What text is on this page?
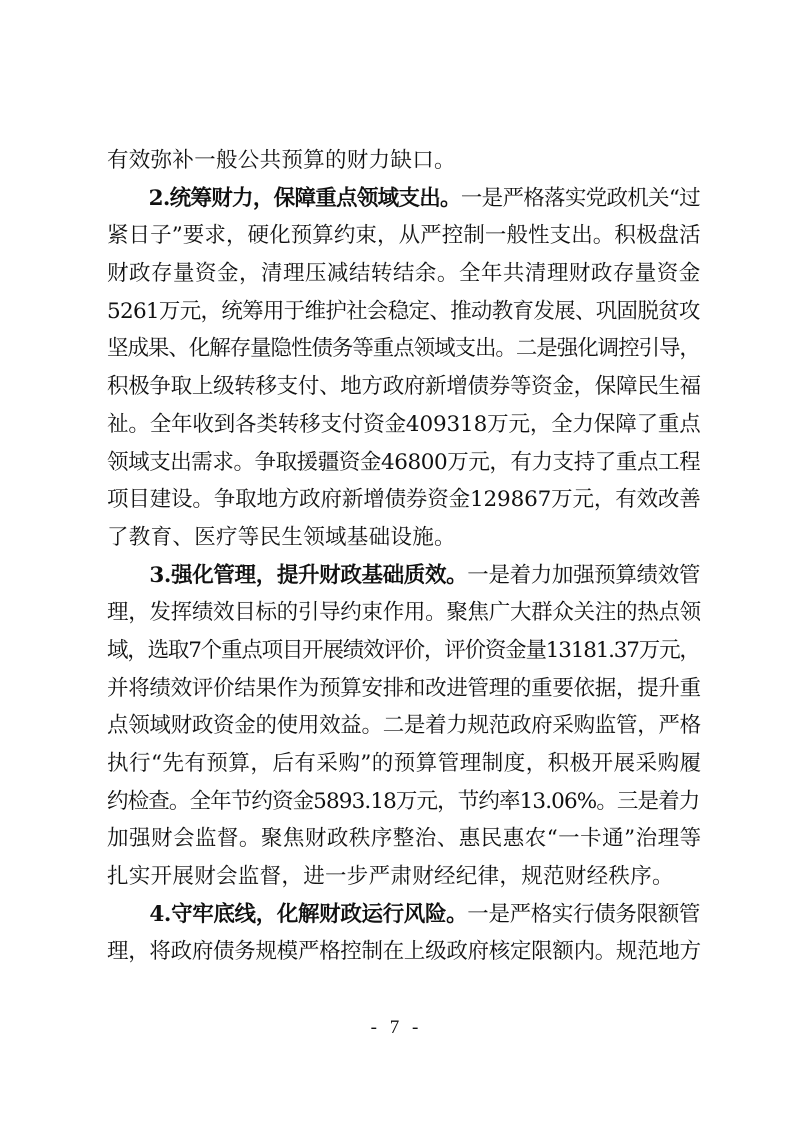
有效弥补一般公共预算的财力缺口。
　　2.统筹财力，保障重点领域支出。一是严格落实党政机关“过
紧日子”要求，硬化预算约束，从严控制一般性支出。积极盘活
财政存量资金，清理压减结转结余。全年共清理财政存量资金
5261万元，统筹用于维护社会稳定、推动教育发展、巩固脱贫攻
坚成果、化解存量隐性债务等重点领域支出。二是强化调控引导，
积极争取上级转移支付、地方政府新增债券等资金，保障民生福
祉。全年收到各类转移支付资金409318万元，全力保障了重点
领域支出需求。争取援疆资金46800万元，有力支持了重点工程
项目建设。争取地方政府新增债券资金129867万元，有效改善
了教育、医疗等民生领域基础设施。
　　3.强化管理，提升财政基础质效。一是着力加强预算绩效管
理，发挥绩效目标的引导约束作用。聚焦广大群众关注的热点领
域，选取7个重点项目开展绩效评价，评价资金量13181.37万元，
并将绩效评价结果作为预算安排和改进管理的重要依据，提升重
点领域财政资金的使用效益。二是着力规范政府采购监管，严格
执行“先有预算，后有采购”的预算管理制度，积极开展采购履
约检查。全年节约资金5893.18万元，节约率13.06%。三是着力
加强财会监督。聚焦财政秩序整治、惠民惠农“一卡通”治理等
扎实开展财会监督，进一步严肃财经纪律，规范财经秩序。
　　4.守牢底线，化解财政运行风险。一是严格实行债务限额管
理，将政府债务规模严格控制在上级政府核定限额内。规范地方
- 7 -
